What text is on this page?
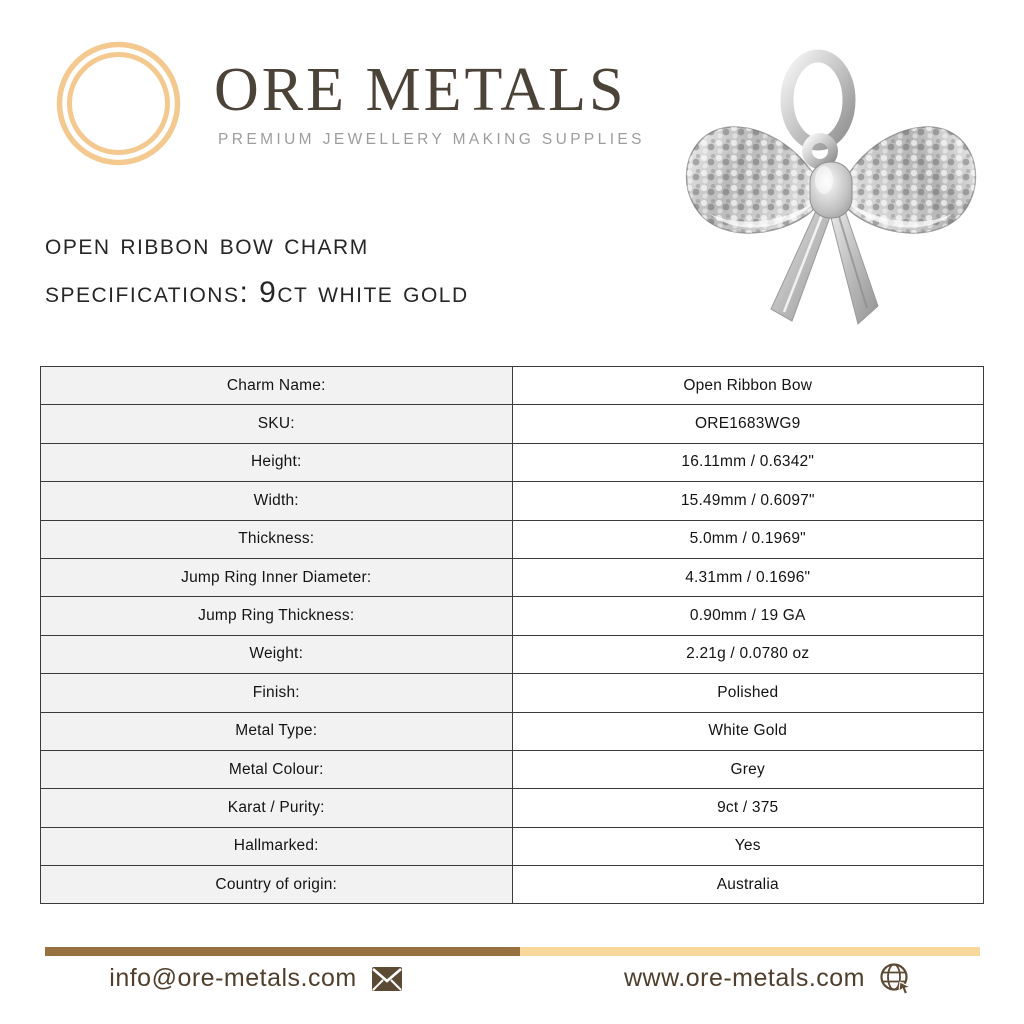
ORE METALS
PREMIUM JEWELLERY MAKING SUPPLIES
open ribbon bow charm
specifications: 9ct white gold
Charm Name:	Open Ribbon Bow
SKU:	ORE1683WG9
Height:	16.11mm / 0.6342"
Width:	15.49mm / 0.6097"
Thickness:	5.0mm / 0.1969"
Jump Ring Inner Diameter:	4.31mm / 0.1696"
Jump Ring Thickness:	0.90mm / 19 GA
Weight:	2.21g / 0.0780 oz
Finish:	Polished
Metal Type:	White Gold
Metal Colour:	Grey
Karat / Purity:	9ct / 375
Hallmarked:	Yes
Country of origin:	Australia
info@ore-metals.com	www.ore-metals.com
